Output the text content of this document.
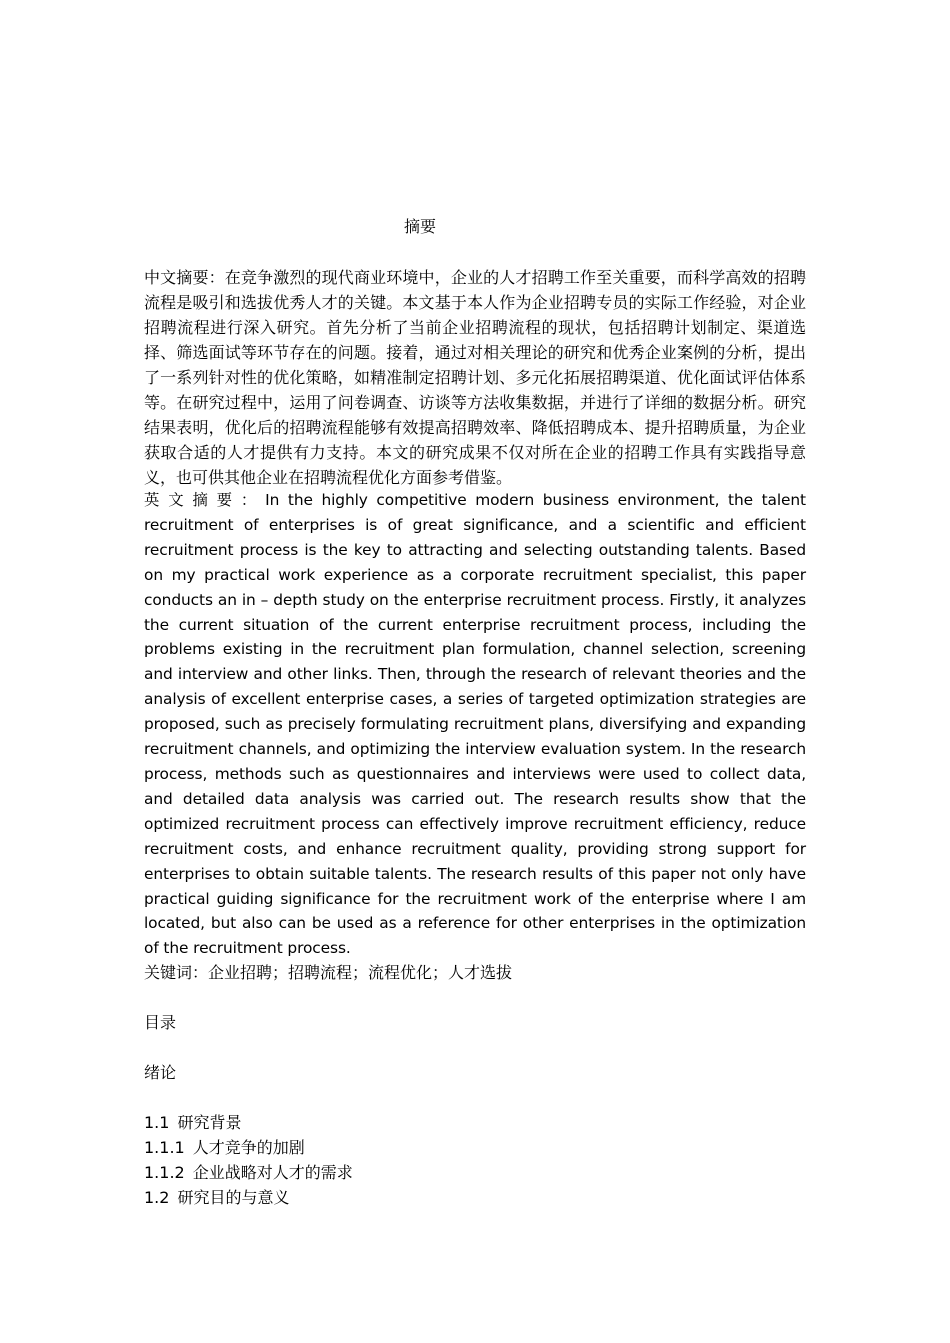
摘要

中文摘要：在竞争激烈的现代商业环境中，企业的人才招聘工作至关重要，而科学高效的招聘流程是吸引和选拔优秀人才的关键。本文基于本人作为企业招聘专员的实际工作经验，对企业招聘流程进行深入研究。首先分析了当前企业招聘流程的现状，包括招聘计划制定、渠道选择、筛选面试等环节存在的问题。接着，通过对相关理论的研究和优秀企业案例的分析，提出了一系列针对性的优化策略，如精准制定招聘计划、多元化拓展招聘渠道、优化面试评估体系等。在研究过程中，运用了问卷调查、访谈等方法收集数据，并进行了详细的数据分析。研究结果表明，优化后的招聘流程能够有效提高招聘效率、降低招聘成本、提升招聘质量，为企业获取合适的人才提供有力支持。本文的研究成果不仅对所在企业的招聘工作具有实践指导意义，也可供其他企业在招聘流程优化方面参考借鉴。

英文摘要：In the highly competitive modern business environment, the talent recruitment of enterprises is of great significance, and a scientific and efficient recruitment process is the key to attracting and selecting outstanding talents. Based on my practical work experience as a corporate recruitment specialist, this paper conducts an in – depth study on the enterprise recruitment process. Firstly, it analyzes the current situation of the current enterprise recruitment process, including the problems existing in the recruitment plan formulation, channel selection, screening and interview and other links. Then, through the research of relevant theories and the analysis of excellent enterprise cases, a series of targeted optimization strategies are proposed, such as precisely formulating recruitment plans, diversifying and expanding recruitment channels, and optimizing the interview evaluation system. In the research process, methods such as questionnaires and interviews were used to collect data, and detailed data analysis was carried out. The research results show that the optimized recruitment process can effectively improve recruitment efficiency, reduce recruitment costs, and enhance recruitment quality, providing strong support for enterprises to obtain suitable talents. The research results of this paper not only have practical guiding significance for the recruitment work of the enterprise where I am located, but also can be used as a reference for other enterprises in the optimization of the recruitment process.

关键词：企业招聘；招聘流程；流程优化；人才选拔

目录

绪论

1.1 研究背景
1.1.1 人才竞争的加剧
1.1.2 企业战略对人才的需求
1.2 研究目的与意义
